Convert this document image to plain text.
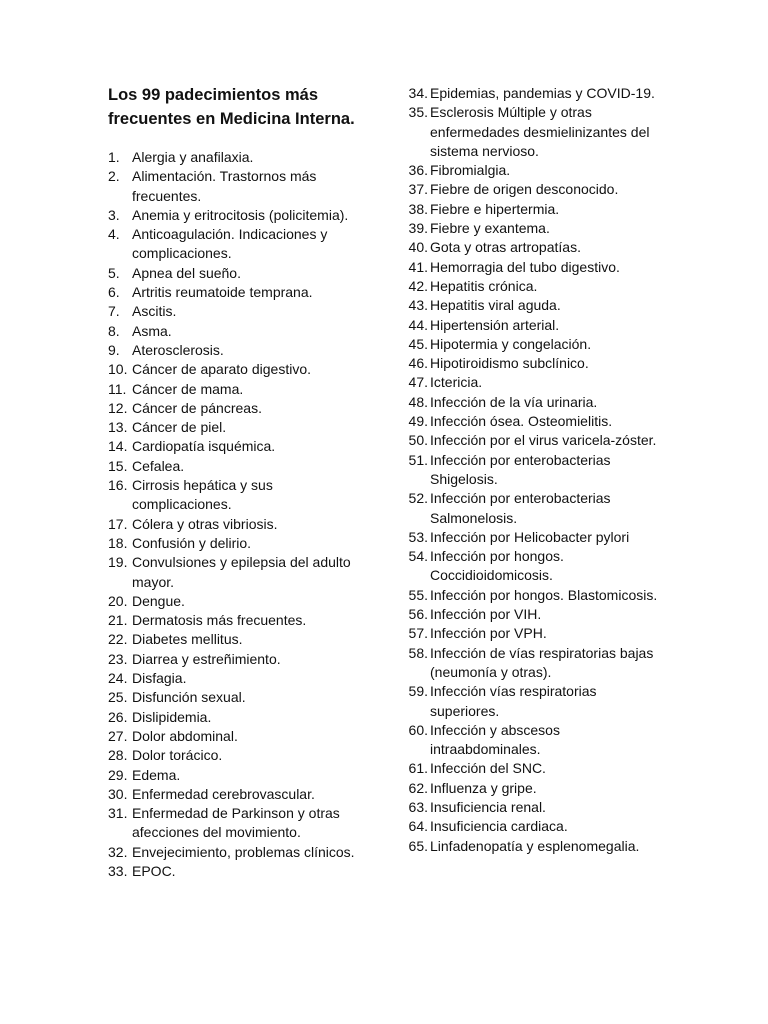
Los 99 padecimientos más frecuentes en Medicina Interna.
1. Alergia y anafilaxia.
2. Alimentación. Trastornos más frecuentes.
3. Anemia y eritrocitosis (policitemia).
4. Anticoagulación. Indicaciones y complicaciones.
5. Apnea del sueño.
6. Artritis reumatoide temprana.
7. Ascitis.
8. Asma.
9. Aterosclerosis.
10. Cáncer de aparato digestivo.
11. Cáncer de mama.
12. Cáncer de páncreas.
13. Cáncer de piel.
14. Cardiopatía isquémica.
15. Cefalea.
16. Cirrosis hepática y sus complicaciones.
17. Cólera y otras vibriosis.
18. Confusión y delirio.
19. Convulsiones y epilepsia del adulto mayor.
20. Dengue.
21. Dermatosis más frecuentes.
22. Diabetes mellitus.
23. Diarrea y estreñimiento.
24. Disfagia.
25. Disfunción sexual.
26. Dislipidemia.
27. Dolor abdominal.
28. Dolor torácico.
29. Edema.
30. Enfermedad cerebrovascular.
31. Enfermedad de Parkinson y otras afecciones del movimiento.
32. Envejecimiento, problemas clínicos.
33. EPOC.
34. Epidemias, pandemias y COVID-19.
35. Esclerosis Múltiple y otras enfermedades desmielinizantes del sistema nervioso.
36. Fibromialgia.
37. Fiebre de origen desconocido.
38. Fiebre e hipertermia.
39. Fiebre y exantema.
40. Gota y otras artropatías.
41. Hemorragia del tubo digestivo.
42. Hepatitis crónica.
43. Hepatitis viral aguda.
44. Hipertensión arterial.
45. Hipotermia y congelación.
46. Hipotiroidismo subclínico.
47. Ictericia.
48. Infección de la vía urinaria.
49. Infección ósea. Osteomielitis.
50. Infección por el virus varicela-zóster.
51. Infección por enterobacterias Shigelosis.
52. Infección por enterobacterias Salmonelosis.
53. Infección por Helicobacter pylori
54. Infección por hongos. Coccidioidomicosis.
55. Infección por hongos. Blastomicosis.
56. Infección por VIH.
57. Infección por VPH.
58. Infección de vías respiratorias bajas (neumonía y otras).
59. Infección vías respiratorias superiores.
60. Infección y abscesos intraabdominales.
61. Infección del SNC.
62. Influenza y gripe.
63. Insuficiencia renal.
64. Insuficiencia cardiaca.
65. Linfadenopatía y esplenomegalia.
